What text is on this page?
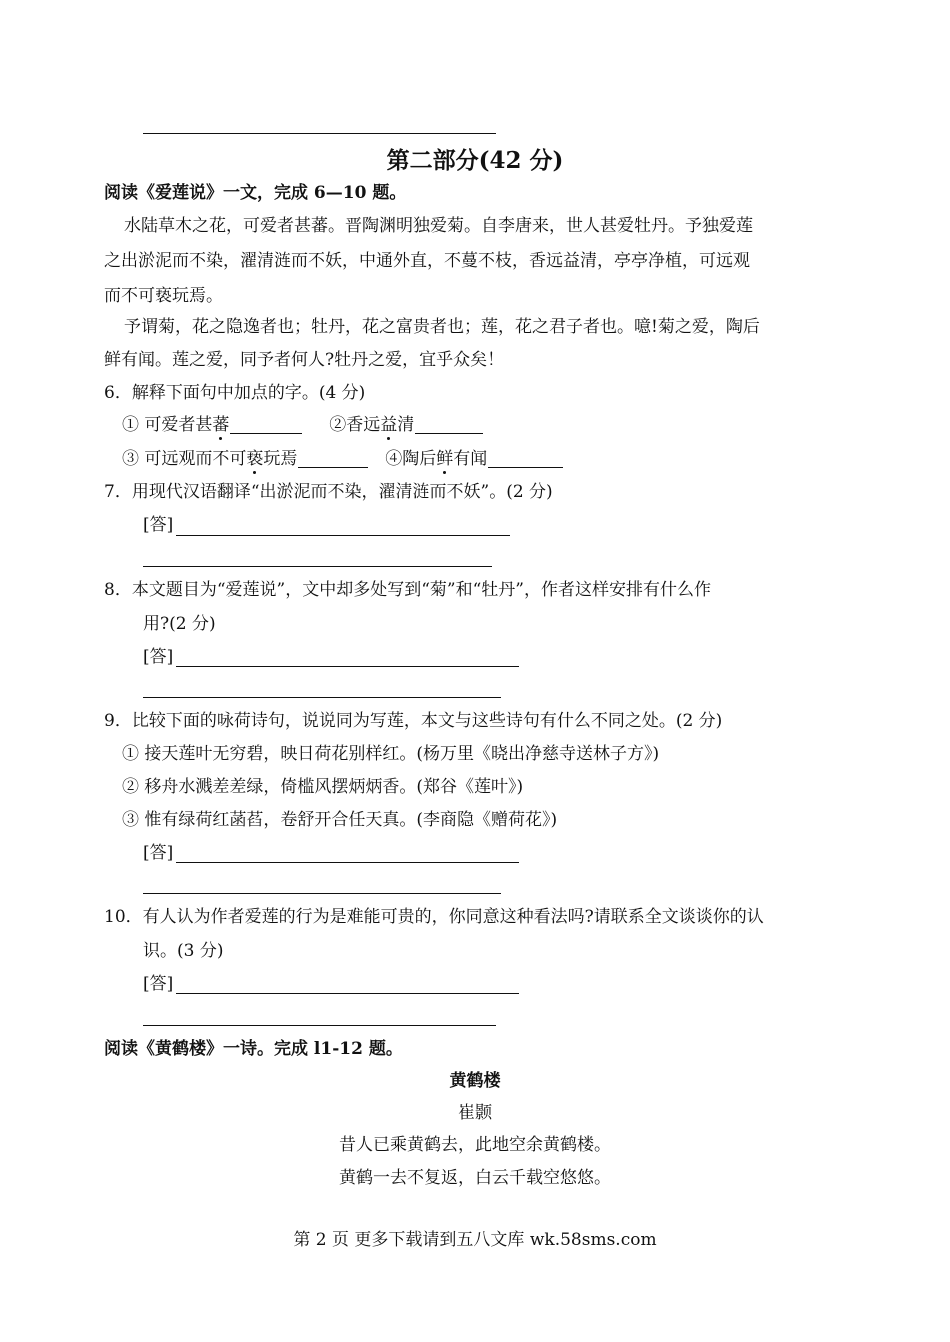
第二部分(42 分)
阅读《爱莲说》一文，完成 6—10 题。
水陆草木之花，可爱者甚蕃。晋陶渊明独爱菊。自李唐来，世人甚爱牡丹。予独爱莲
之出淤泥而不染，濯清涟而不妖，中通外直，不蔓不枝，香远益清，亭亭净植，可远观
而不可亵玩焉。
予谓菊，花之隐逸者也；牡丹，花之富贵者也；莲，花之君子者也。噫!菊之爱，陶后
鲜有闻。莲之爱，同予者何人?牡丹之爱，宜乎众矣！
6．解释下面句中加点的字。(4 分)
① 可爱者甚蕃	②香远益清
③ 可远观而不可亵玩焉	④陶后鲜有闻
7．用现代汉语翻译“出淤泥而不染，濯清涟而不妖”。(2 分)
[答]
8．本文题目为“爱莲说”，文中却多处写到“菊”和“牡丹”，作者这样安排有什么作
用?(2 分)
[答]
9．比较下面的咏荷诗句，说说同为写莲，本文与这些诗句有什么不同之处。(2 分)
① 接天莲叶无穷碧，映日荷花别样红。(杨万里《晓出净慈寺送林子方》)
② 移舟水溅差差绿，倚槛风摆炳炳香。(郑谷《莲叶》)
③ 惟有绿荷红菡萏，卷舒开合任天真。(李商隐《赠荷花》)
[答]
10．有人认为作者爱莲的行为是难能可贵的，你同意这种看法吗?请联系全文谈谈你的认
识。(3 分)
[答]
阅读《黄鹤楼》一诗。完成 l1-12 题。
黄鹤楼
崔颢
昔人已乘黄鹤去，此地空余黄鹤楼。
黄鹤一去不复返，白云千载空悠悠。
第 2 页 更多下载请到五八文库 wk.58sms.com
